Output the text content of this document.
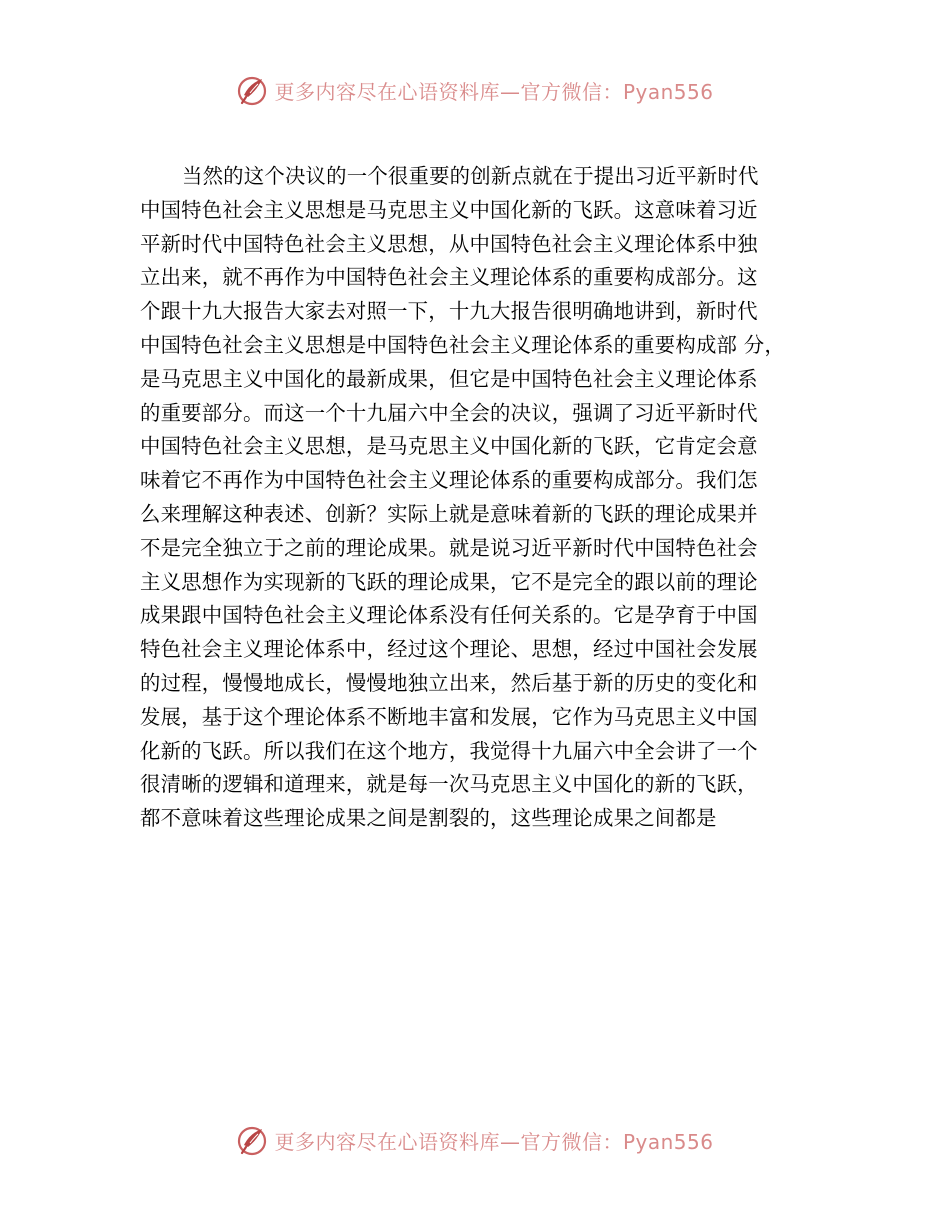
更多内容尽在心语资料库—官方微信：Pyan556
当然的这个决议的一个很重要的创新点就在于提出习近平新时代
中国特色社会主义思想是马克思主义中国化新的飞跃。这意味着习近
平新时代中国特色社会主义思想，从中国特色社会主义理论体系中独
立出来，就不再作为中国特色社会主义理论体系的重要构成部分。这
个跟十九大报告大家去对照一下，十九大报告很明确地讲到，新时代
中国特色社会主义思想是中国特色社会主义理论体系的重要构成部 分，
是马克思主义中国化的最新成果，但它是中国特色社会主义理论体系
的重要部分。而这一个十九届六中全会的决议，强调了习近平新时代
中国特色社会主义思想，是马克思主义中国化新的飞跃，它肯定会意
味着它不再作为中国特色社会主义理论体系的重要构成部分。我们怎
么来理解这种表述、创新？实际上就是意味着新的飞跃的理论成果并
不是完全独立于之前的理论成果。就是说习近平新时代中国特色社会
主义思想作为实现新的飞跃的理论成果，它不是完全的跟以前的理论
成果跟中国特色社会主义理论体系没有任何关系的。它是孕育于中国
特色社会主义理论体系中，经过这个理论、思想，经过中国社会发展
的过程，慢慢地成长，慢慢地独立出来，然后基于新的历史的变化和
发展，基于这个理论体系不断地丰富和发展，它作为马克思主义中国
化新的飞跃。所以我们在这个地方，我觉得十九届六中全会讲了一个
很清晰的逻辑和道理来，就是每一次马克思主义中国化的新的飞跃，
都不意味着这些理论成果之间是割裂的，这些理论成果之间都是
更多内容尽在心语资料库—官方微信：Pyan556
